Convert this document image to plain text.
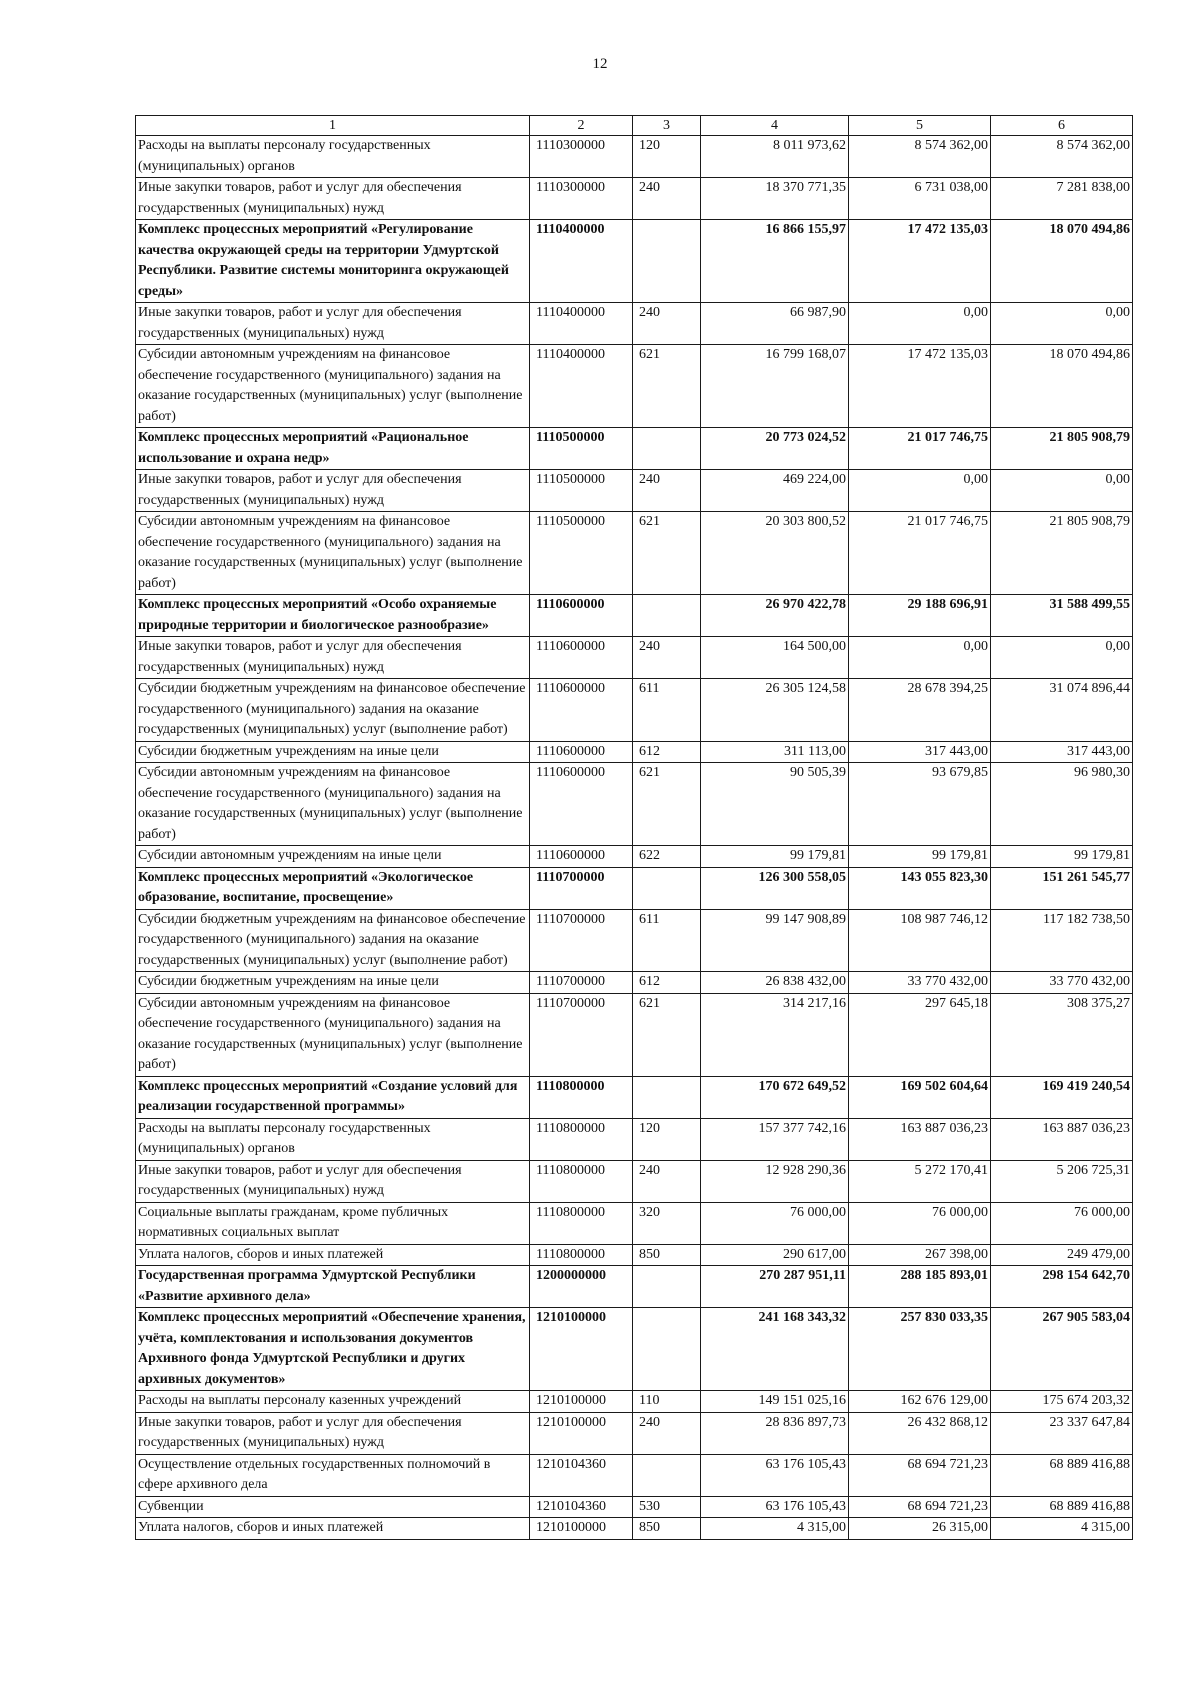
12
1	2	3	4	5	6
Расходы на выплаты персоналу государственных (муниципальных) органов	1110300000	120	8 011 973,62	8 574 362,00	8 574 362,00
Иные закупки товаров, работ и услуг для обеспечения государственных (муниципальных) нужд	1110300000	240	18 370 771,35	6 731 038,00	7 281 838,00
Комплекс процессных мероприятий «Регулирование качества окружающей среды на территории Удмуртской Республики. Развитие системы мониторинга окружающей среды»	1110400000		16 866 155,97	17 472 135,03	18 070 494,86
Иные закупки товаров, работ и услуг для обеспечения государственных (муниципальных) нужд	1110400000	240	66 987,90	0,00	0,00
Субсидии автономным учреждениям на финансовое обеспечение государственного (муниципального) задания на оказание государственных (муниципальных) услуг (выполнение работ)	1110400000	621	16 799 168,07	17 472 135,03	18 070 494,86
Комплекс процессных мероприятий «Рациональное использование и охрана недр»	1110500000		20 773 024,52	21 017 746,75	21 805 908,79
Иные закупки товаров, работ и услуг для обеспечения государственных (муниципальных) нужд	1110500000	240	469 224,00	0,00	0,00
Субсидии автономным учреждениям на финансовое обеспечение государственного (муниципального) задания на оказание государственных (муниципальных) услуг (выполнение работ)	1110500000	621	20 303 800,52	21 017 746,75	21 805 908,79
Комплекс процессных мероприятий «Особо охраняемые природные территории и биологическое разнообразие»	1110600000		26 970 422,78	29 188 696,91	31 588 499,55
Иные закупки товаров, работ и услуг для обеспечения государственных (муниципальных) нужд	1110600000	240	164 500,00	0,00	0,00
Субсидии бюджетным учреждениям на финансовое обеспечение государственного (муниципального) задания на оказание государственных (муниципальных) услуг (выполнение работ)	1110600000	611	26 305 124,58	28 678 394,25	31 074 896,44
Субсидии бюджетным учреждениям на иные цели	1110600000	612	311 113,00	317 443,00	317 443,00
Субсидии автономным учреждениям на финансовое обеспечение государственного (муниципального) задания на оказание государственных (муниципальных) услуг (выполнение работ)	1110600000	621	90 505,39	93 679,85	96 980,30
Субсидии автономным учреждениям на иные цели	1110600000	622	99 179,81	99 179,81	99 179,81
Комплекс процессных мероприятий «Экологическое образование, воспитание, просвещение»	1110700000		126 300 558,05	143 055 823,30	151 261 545,77
Субсидии бюджетным учреждениям на финансовое обеспечение государственного (муниципального) задания на оказание государственных (муниципальных) услуг (выполнение работ)	1110700000	611	99 147 908,89	108 987 746,12	117 182 738,50
Субсидии бюджетным учреждениям на иные цели	1110700000	612	26 838 432,00	33 770 432,00	33 770 432,00
Субсидии автономным учреждениям на финансовое обеспечение государственного (муниципального) задания на оказание государственных (муниципальных) услуг (выполнение работ)	1110700000	621	314 217,16	297 645,18	308 375,27
Комплекс процессных мероприятий «Создание условий для реализации государственной программы»	1110800000		170 672 649,52	169 502 604,64	169 419 240,54
Расходы на выплаты персоналу государственных (муниципальных) органов	1110800000	120	157 377 742,16	163 887 036,23	163 887 036,23
Иные закупки товаров, работ и услуг для обеспечения государственных (муниципальных) нужд	1110800000	240	12 928 290,36	5 272 170,41	5 206 725,31
Социальные выплаты гражданам, кроме публичных нормативных социальных выплат	1110800000	320	76 000,00	76 000,00	76 000,00
Уплата налогов, сборов и иных платежей	1110800000	850	290 617,00	267 398,00	249 479,00
Государственная программа Удмуртской Республики «Развитие архивного дела»	1200000000		270 287 951,11	288 185 893,01	298 154 642,70
Комплекс процессных мероприятий «Обеспечение хранения, учёта, комплектования и использования документов Архивного фонда Удмуртской Республики и других архивных документов»	1210100000		241 168 343,32	257 830 033,35	267 905 583,04
Расходы на выплаты персоналу казенных учреждений	1210100000	110	149 151 025,16	162 676 129,00	175 674 203,32
Иные закупки товаров, работ и услуг для обеспечения государственных (муниципальных) нужд	1210100000	240	28 836 897,73	26 432 868,12	23 337 647,84
Осуществление отдельных государственных полномочий в сфере архивного дела	1210104360		63 176 105,43	68 694 721,23	68 889 416,88
Субвенции	1210104360	530	63 176 105,43	68 694 721,23	68 889 416,88
Уплата налогов, сборов и иных платежей	1210100000	850	4 315,00	26 315,00	4 315,00
